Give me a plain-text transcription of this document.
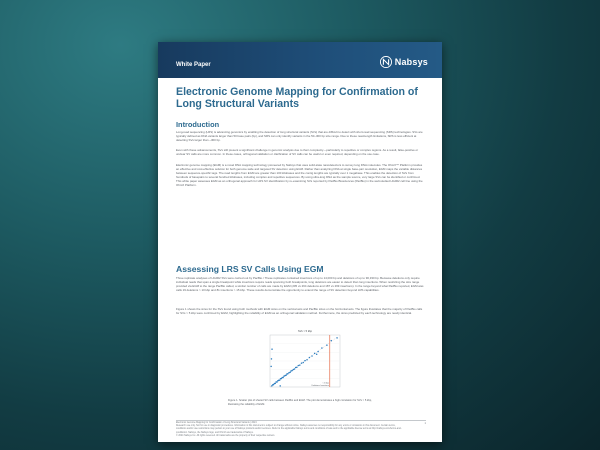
White Paper	Nabsys
Electronic Genome Mapping for Confirmation of Long Structural Variants
Introduction

Long-read sequencing (LRS) is advancing genomics by enabling the detection of long structural variants (SVs) that are difficult to detect with short-read sequencing (SRS) technologies. SVs are typically defined as DNA variants larger than 50 base pairs (bp), and SRS can only identify variants in the 50–300 bp size range. Due to these read-length limitations, SRS is less efficient at detecting SVs larger than ~300 bp.

Even with these advancements, SVs still present a significant challenge in genomic analysis due to their complexity—particularly to repetitive or complex regions. As a result, false-positive or unclear SV calls are more common. In these cases, orthogonal validation or clarification of SV calls can be useful or even required, depending on the use case.

Electronic genome mapping (EGM) is a novel DNA mapping technology pioneered by Nabsys that uses solid-state nanodetectors to survey long DNA molecules. The OhmX™ Platform provides an effective and cost-effective solution for both genome-wide and targeted SV detection using EGM. Rather than analyzing DNA at single base-pair resolution, EGM maps the variable distances between sequence-specific tags. The read lengths from EGM are greater than 100 kilobases and the contig lengths are typically over 1 megabase. This enables the detection of SVs from hundreds of basepairs to several hundred kilobases, including complex and repetitive sequences. By using ultra-long DNA as the sample source, very large SVs can be identified or confirmed. This white paper assesses EGM as an orthogonal approach for LRS SV identification by re-examining SVs reported by PacBio Biosciences (PacBio) in the well-studied HG002 cell line using the OhmX Platform.

Assessing LRS SV Calls Using EGM

Three replicate analyses of HG002 SVs were carried out by PacBio.¹ These replicates contained insertions of up to 14,000 bp and deletions of up to 90,330 bp. Because deletions only require individual reads that span a single breakpoint while insertions require reads spanning both breakpoints, long deletions are easier to detect than long insertions. When restricting the size range provided via EGM to the range PacBio called, a similar number of calls are made by EGM (205 vs 264 deletions and 187 vs 269 insertions). In the range beyond what PacBio reported, EGM was calls 19 deletions > 10 kbp and 81 insertions > 15 kbp. These results demonstrate the opportunity to extend the range of SV detection beyond LRS capabilities.

Figure 1 shows the sizes for the SVs found using both methods with EGM sizes on the vertical axis and PacBio sizes on the horizontal axis. The figure illustrates that the majority of PacBio calls for SVs > 5 kbp were confirmed by EGM, highlighting the reliability of EGM as an orthogonal validation method. Furthermore, the sizes predicted by each technology are nearly identical.

SVs > 5 kbp
< 5 kbp
Deletions: Insertions

Figure 1. Scatter plot of shared SV calls between PacBio and EGM. The plot demonstrates a high correlation for SVs > 5 kbp, illustrating the reliability of EGM.

Electronic Genome Mapping for Confirmation of Long Structural Variants | 2024
Research use only. Not for use in diagnostic procedures. Information in this document is subject to change without notice. Nabsys assumes no responsibility for any errors or omissions in this document. Certain terms, conditions and/or use restrictions may pertain to your use of Nabsys products and/or services. Refer to the applicable Nabsys terms and conditions of sale and to the applicable license terms at http://nabsys.com/terms-and-conditions/. Nabsys, the Nabsys logo, and OhmX are trademarks of Nabsys.
© 2024 Nabsys Inc. All rights reserved. All trademarks are the property of their respective owners.
1
